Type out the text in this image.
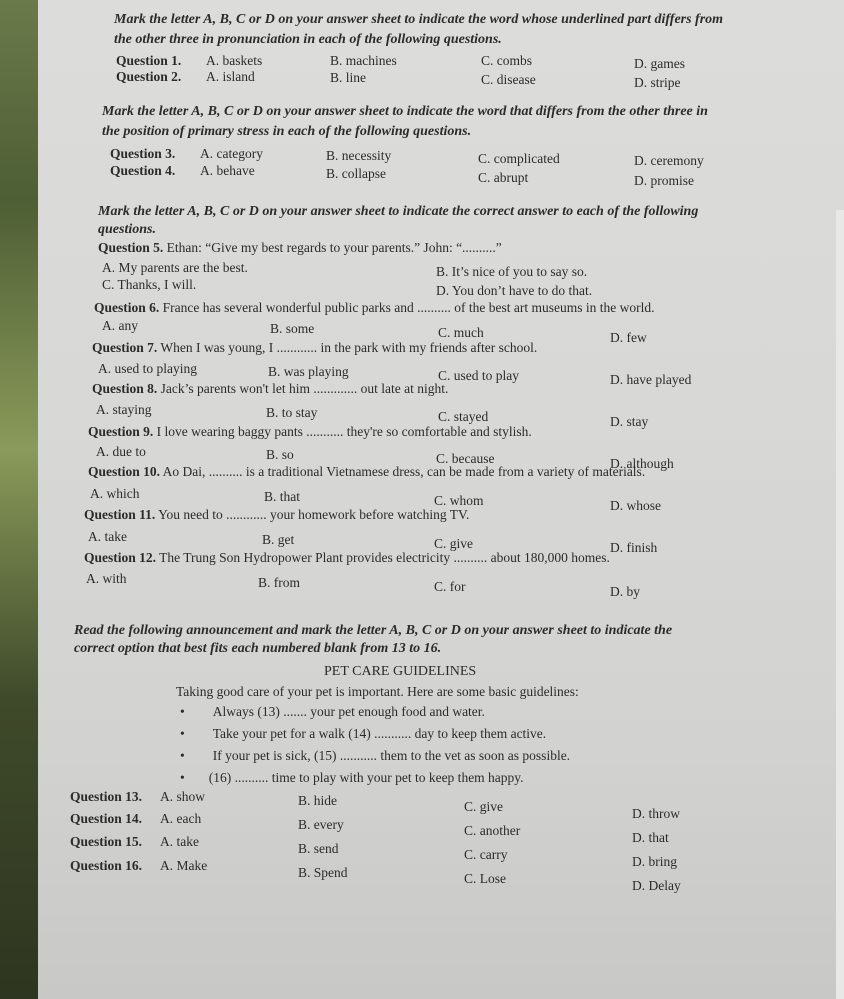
Mark the letter A, B, C or D on your answer sheet to indicate the word whose underlined part differs from
the other three in pronunciation in each of the following questions.
Question 1. A. baskets	B. machines	C. combs	D. games
Question 2. A. island	B. line	C. disease	D. stripe
Mark the letter A, B, C or D on your answer sheet to indicate the word that differs from the other three in
the position of primary stress in each of the following questions.
Question 3. A. category	B. necessity	C. complicated	D. ceremony
Question 4. A. behave	B. collapse	C. abrupt	D. promise
Mark the letter A, B, C or D on your answer sheet to indicate the correct answer to each of the following
questions.
Question 5. Ethan: “Give my best regards to your parents.” John: “..........”
A. My parents are the best.	B. It’s nice of you to say so.
C. Thanks, I will.	D. You don’t have to do that.
Question 6. France has several wonderful public parks and .......... of the best art museums in the world.
A. any	B. some	C. much	D. few
Question 7. When I was young, I ............ in the park with my friends after school.
A. used to playing	B. was playing	C. used to play	D. have played
Question 8. Jack’s parents won't let him ............. out late at night.
A. staying	B. to stay	C. stayed	D. stay
Question 9. I love wearing baggy pants ........... they're so comfortable and stylish.
A. due to	B. so	C. because	D. although
Question 10. Ao Dai, .......... is a traditional Vietnamese dress, can be made from a variety of materials.
A. which	B. that	C. whom	D. whose
Question 11. You need to ............ your homework before watching TV.
A. take	B. get	C. give	D. finish
Question 12. The Trung Son Hydropower Plant provides electricity .......... about 180,000 homes.
A. with	B. from	C. for	D. by
Read the following announcement and mark the letter A, B, C or D on your answer sheet to indicate the
correct option that best fits each numbered blank from 13 to 16.
PET CARE GUIDELINES
Taking good care of your pet is important. Here are some basic guidelines:
• Always (13) ....... your pet enough food and water.
• Take your pet for a walk (14) ........... day to keep them active.
• If your pet is sick, (15) ........... them to the vet as soon as possible.
• (16) .......... time to play with your pet to keep them happy.
Question 13. A. show	B. hide	C. give	D. throw
Question 14. A. each	B. every	C. another	D. that
Question 15. A. take	B. send	C. carry	D. bring
Question 16. A. Make	B. Spend	C. Lose	D. Delay
